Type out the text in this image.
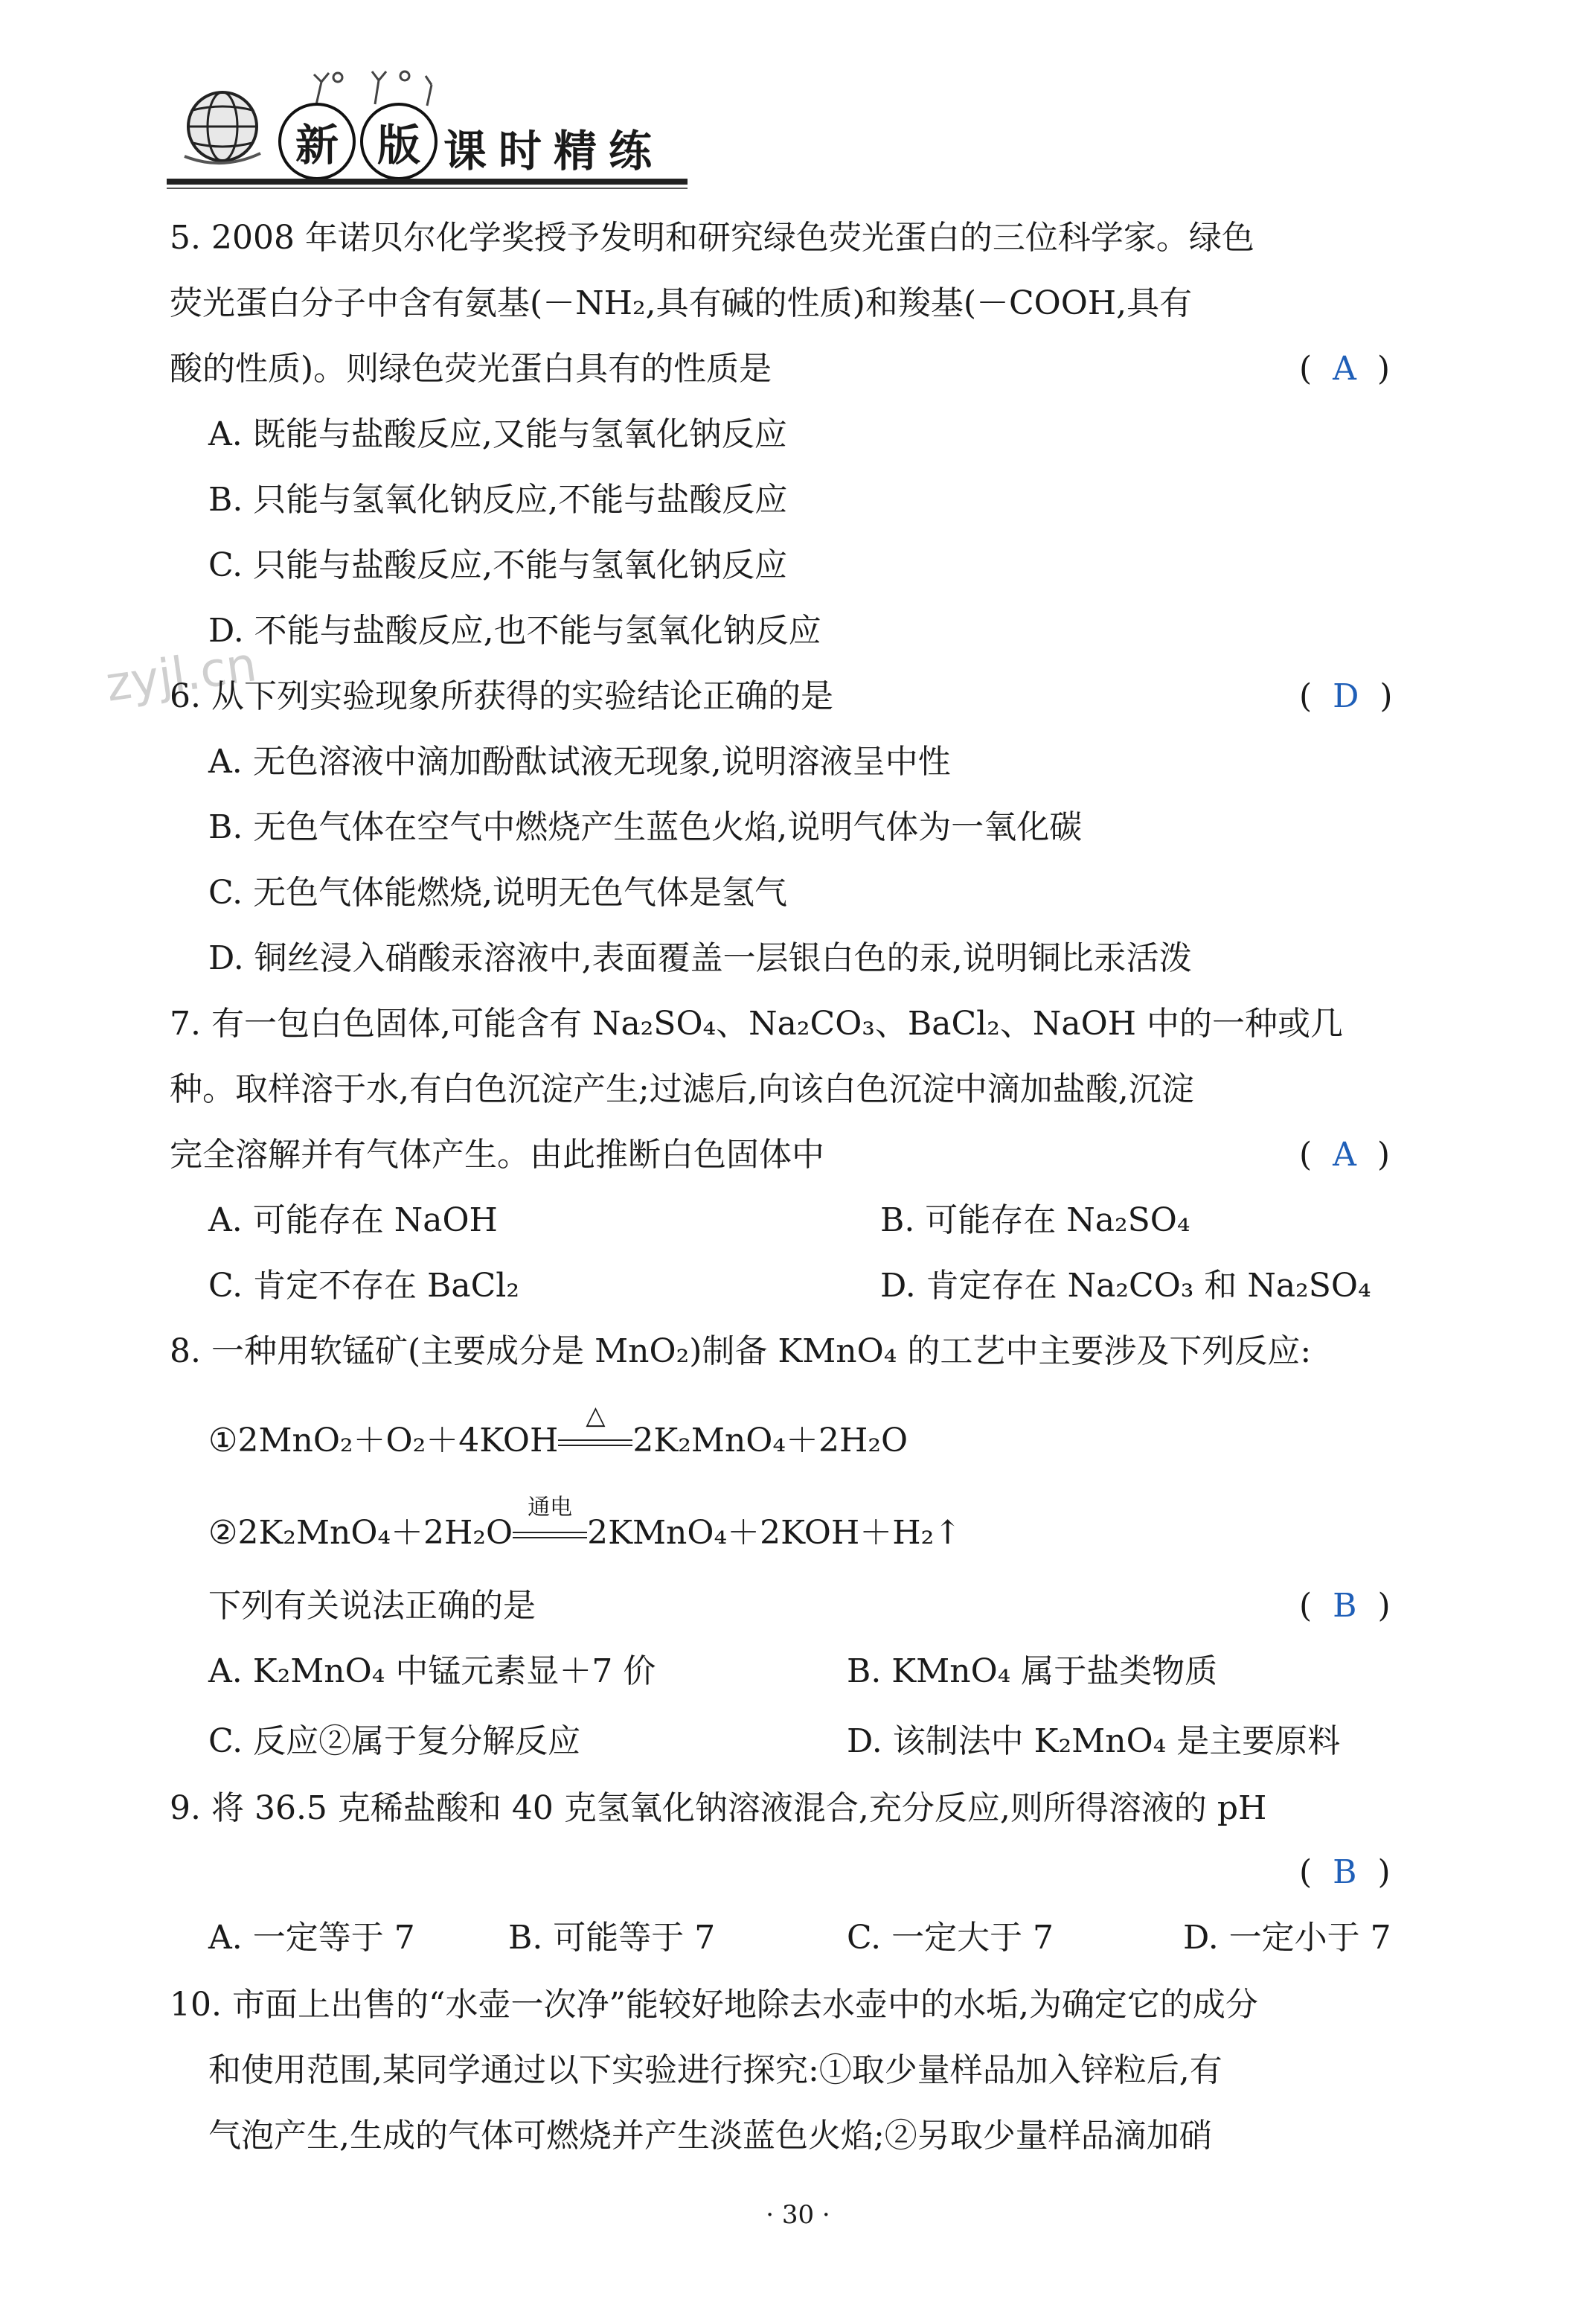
新 版 课时精练
zyjl.cn
5. 2008 年诺贝尔化学奖授予发明和研究绿色荧光蛋白的三位科学家。绿色
荧光蛋白分子中含有氨基(－NH₂,具有碱的性质)和羧基(－COOH,具有
酸的性质)。则绿色荧光蛋白具有的性质是	(  A  )
A. 既能与盐酸反应,又能与氢氧化钠反应
B. 只能与氢氧化钠反应,不能与盐酸反应
C. 只能与盐酸反应,不能与氢氧化钠反应
D. 不能与盐酸反应,也不能与氢氧化钠反应
6. 从下列实验现象所获得的实验结论正确的是	(  D  )
A. 无色溶液中滴加酚酞试液无现象,说明溶液呈中性
B. 无色气体在空气中燃烧产生蓝色火焰,说明气体为一氧化碳
C. 无色气体能燃烧,说明无色气体是氢气
D. 铜丝浸入硝酸汞溶液中,表面覆盖一层银白色的汞,说明铜比汞活泼
7. 有一包白色固体,可能含有 Na₂SO₄、Na₂CO₃、BaCl₂、NaOH 中的一种或几
种。取样溶于水,有白色沉淀产生;过滤后,向该白色沉淀中滴加盐酸,沉淀
完全溶解并有气体产生。由此推断白色固体中	(  A  )
A. 可能存在 NaOH	B. 可能存在 Na₂SO₄
C. 肯定不存在 BaCl₂	D. 肯定存在 Na₂CO₃ 和 Na₂SO₄
8. 一种用软锰矿(主要成分是 MnO₂)制备 KMnO₄ 的工艺中主要涉及下列反应:
①2MnO₂＋O₂＋4KOH
△
2K₂MnO₄＋2H₂O
②2K₂MnO₄＋2H₂O
通电
2KMnO₄＋2KOH＋H₂↑
下列有关说法正确的是	(  B  )
A. K₂MnO₄ 中锰元素显＋7 价	B. KMnO₄ 属于盐类物质
C. 反应②属于复分解反应	D. 该制法中 K₂MnO₄ 是主要原料
9. 将 36.5 克稀盐酸和 40 克氢氧化钠溶液混合,充分反应,则所得溶液的 pH
(  B  )
A. 一定等于 7	B. 可能等于 7	C. 一定大于 7	D. 一定小于 7
10. 市面上出售的“水壶一次净”能较好地除去水壶中的水垢,为确定它的成分
和使用范围,某同学通过以下实验进行探究:①取少量样品加入锌粒后,有
气泡产生,生成的气体可燃烧并产生淡蓝色火焰;②另取少量样品滴加硝
· 30 ·
